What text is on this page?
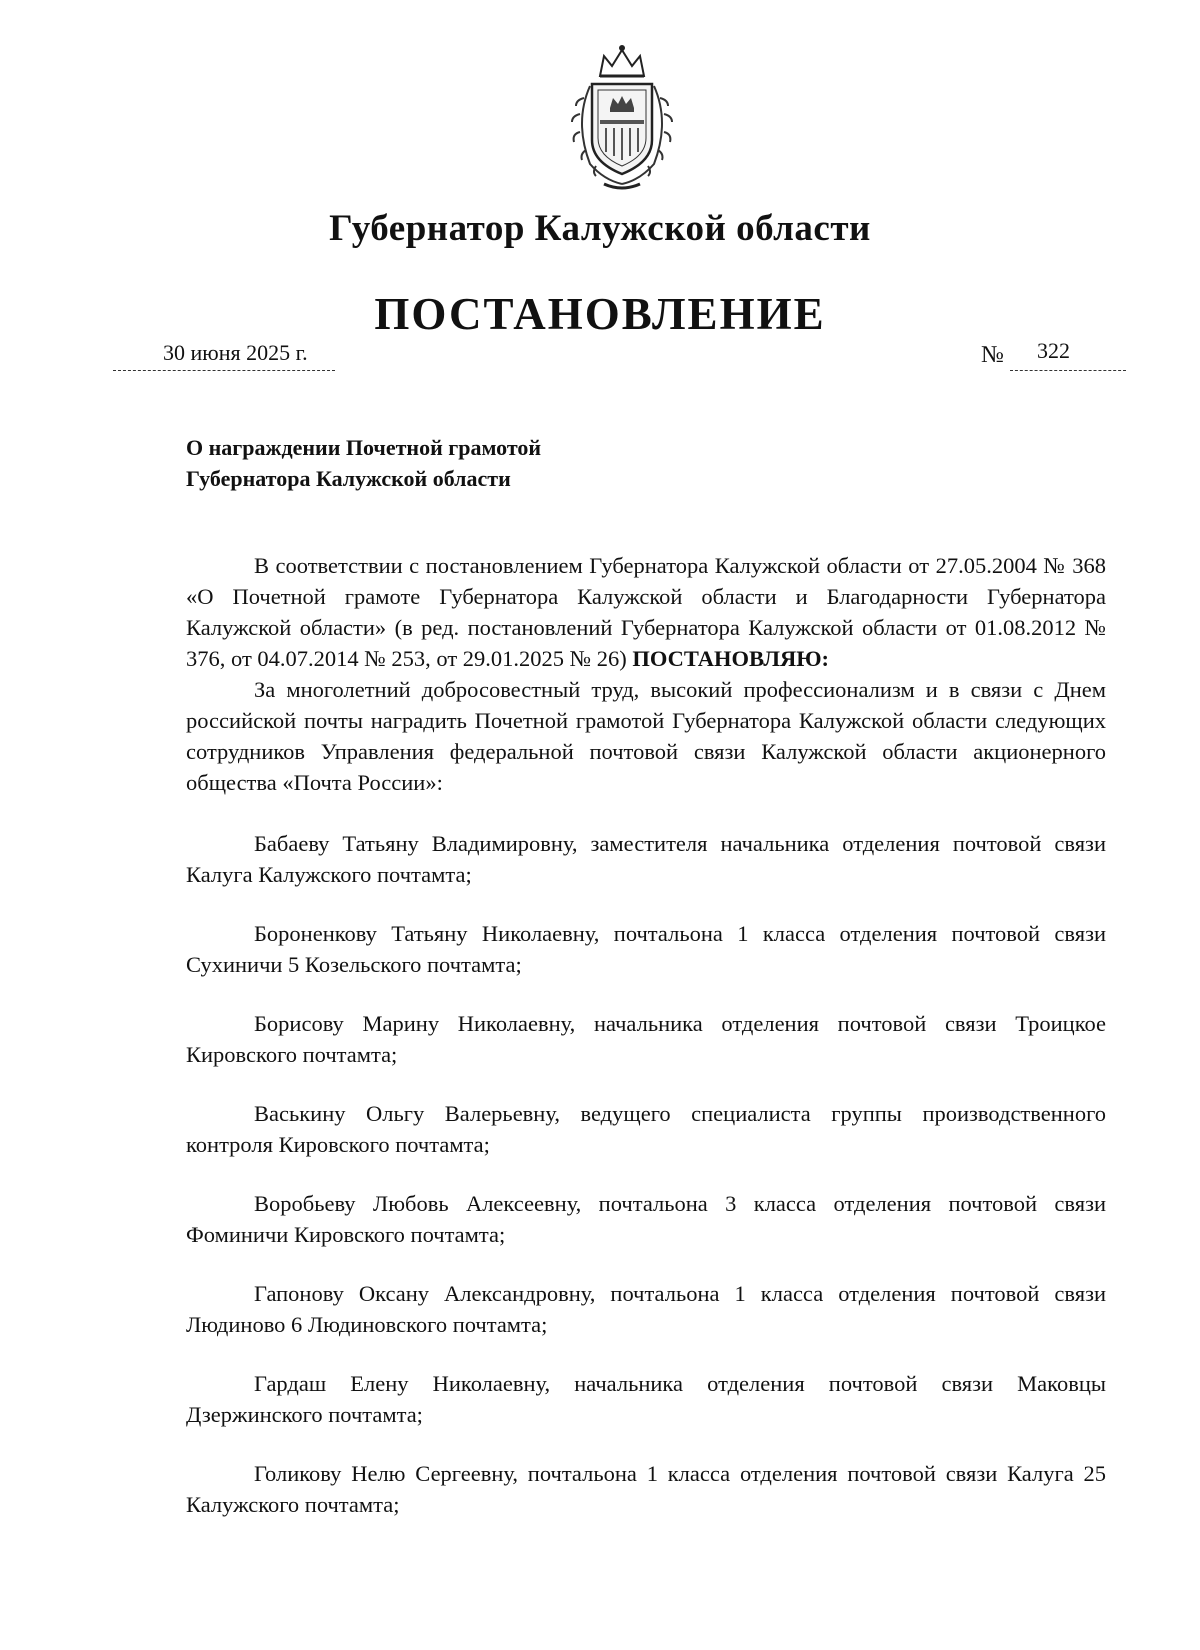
Губернатор Калужской области
ПОСТАНОВЛЕНИЕ
30 июня 2025 г.	№ 322
О награждении Почетной грамотой
Губернатора Калужской области

В соответствии с постановлением Губернатора Калужской области от 27.05.2004 № 368 «О Почетной грамоте Губернатора Калужской области и Благодарности Губернатора Калужской области» (в ред. постановлений Губернатора Калужской области от 01.08.2012 № 376, от 04.07.2014 № 253, от 29.01.2025 № 26) ПОСТАНОВЛЯЮ:

За многолетний добросовестный труд, высокий профессионализм и в связи с Днем российской почты наградить Почетной грамотой Губернатора Калужской области следующих сотрудников Управления федеральной почтовой связи Калужской области акционерного общества «Почта России»:

Бабаеву Татьяну Владимировну, заместителя начальника отделения почтовой связи Калуга Калужского почтамта;

Бороненкову Татьяну Николаевну, почтальона 1 класса отделения почтовой связи Сухиничи 5 Козельского почтамта;

Борисову Марину Николаевну, начальника отделения почтовой связи Троицкое Кировского почтамта;

Васькину Ольгу Валерьевну, ведущего специалиста группы производственного контроля Кировского почтамта;

Воробьеву Любовь Алексеевну, почтальона 3 класса отделения почтовой связи Фоминичи Кировского почтамта;

Гапонову Оксану Александровну, почтальона 1 класса отделения почтовой связи Людиново 6 Людиновского почтамта;

Гардаш Елену Николаевну, начальника отделения почтовой связи Маковцы Дзержинского почтамта;

Голикову Нелю Сергеевну, почтальона 1 класса отделения почтовой связи Калуга 25 Калужского почтамта;
